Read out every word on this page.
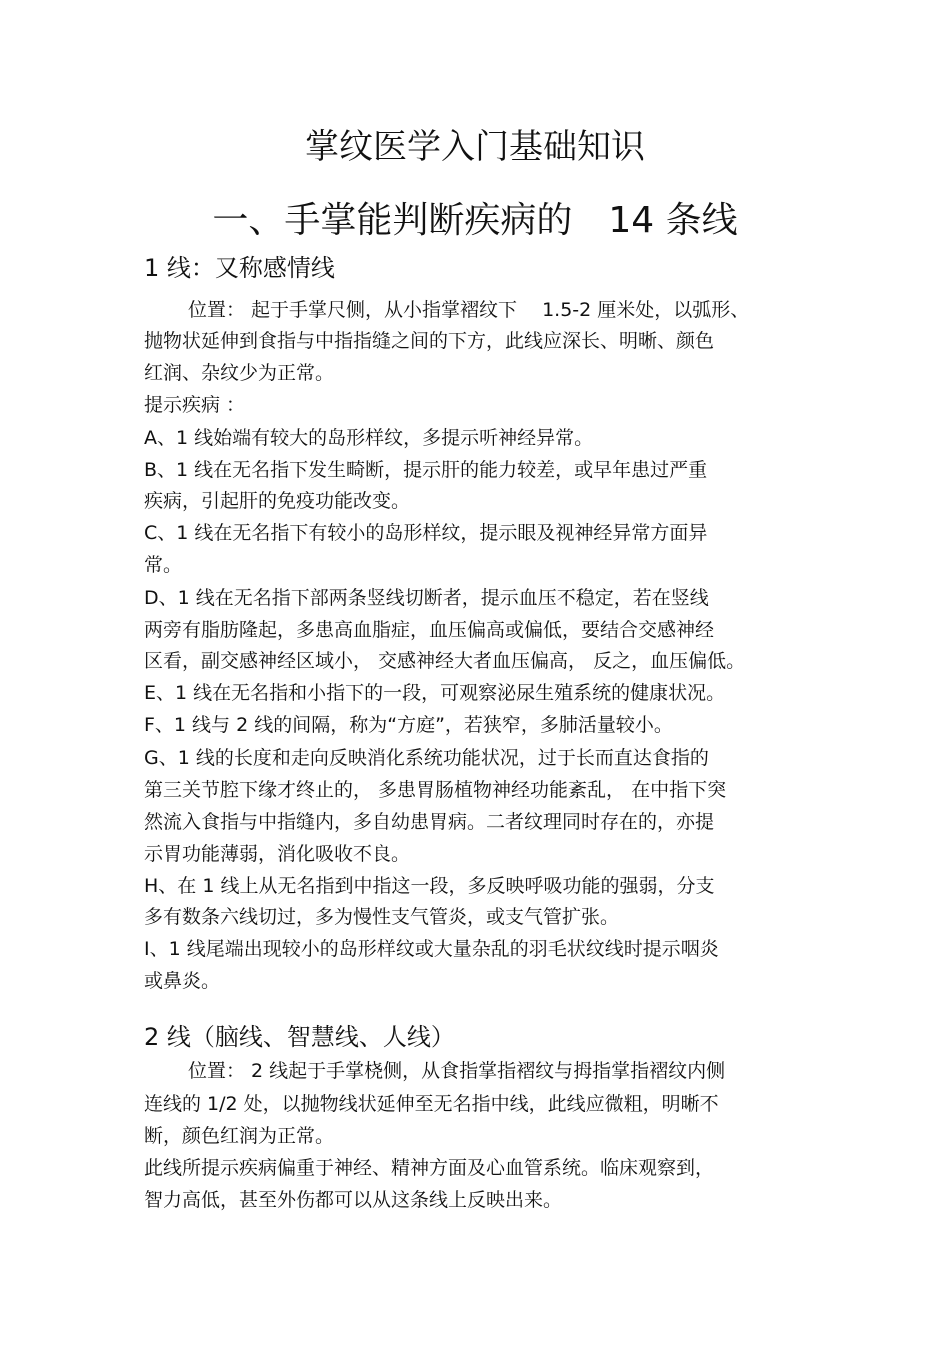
掌纹医学入门基础知识
一、手掌能判断疾病的　14 条线
1 线：又称感情线

位置： 起于手掌尺侧，从小指掌褶纹下　 1.5-2 厘米处，以弧形、

抛物状延伸到食指与中指指缝之间的下方，此线应深长、明晰、颜色

红润、杂纹少为正常。

提示疾病 ：

A、1 线始端有较大的岛形样纹，多提示听神经异常。

B、1 线在无名指下发生畸断，提示肝的能力较差，或早年患过严重

疾病，引起肝的免疫功能改变。

C、1 线在无名指下有较小的岛形样纹，提示眼及视神经异常方面异

常。

D、1 线在无名指下部两条竖线切断者，提示血压不稳定，若在竖线

两旁有脂肪隆起，多患高血脂症，血压偏高或偏低，要结合交感神经

区看，副交感神经区域小， 交感神经大者血压偏高， 反之，血压偏低。

E、1 线在无名指和小指下的一段，可观察泌尿生殖系统的健康状况。

F、1 线与 2 线的间隔，称为“方庭”，若狭窄，多肺活量较小。

G、1 线的长度和走向反映消化系统功能状况，过于长而直达食指的

第三关节腔下缘才终止的， 多患胃肠植物神经功能紊乱， 在中指下突

然流入食指与中指缝内，多自幼患胃病。二者纹理同时存在的，亦提

示胃功能薄弱，消化吸收不良。

H、在 1 线上从无名指到中指这一段，多反映呼吸功能的强弱，分支

多有数条六线切过，多为慢性支气管炎，或支气管扩张。

I、1 线尾端出现较小的岛形样纹或大量杂乱的羽毛状纹线时提示咽炎

或鼻炎。

2 线（脑线、智慧线、人线）

位置： 2 线起于手掌桡侧，从食指掌指褶纹与拇指掌指褶纹内侧

连线的 1/2 处，以抛物线状延伸至无名指中线，此线应微粗，明晰不

断，颜色红润为正常。

此线所提示疾病偏重于神经、精神方面及心血管系统。临床观察到，

智力高低，甚至外伤都可以从这条线上反映出来。
